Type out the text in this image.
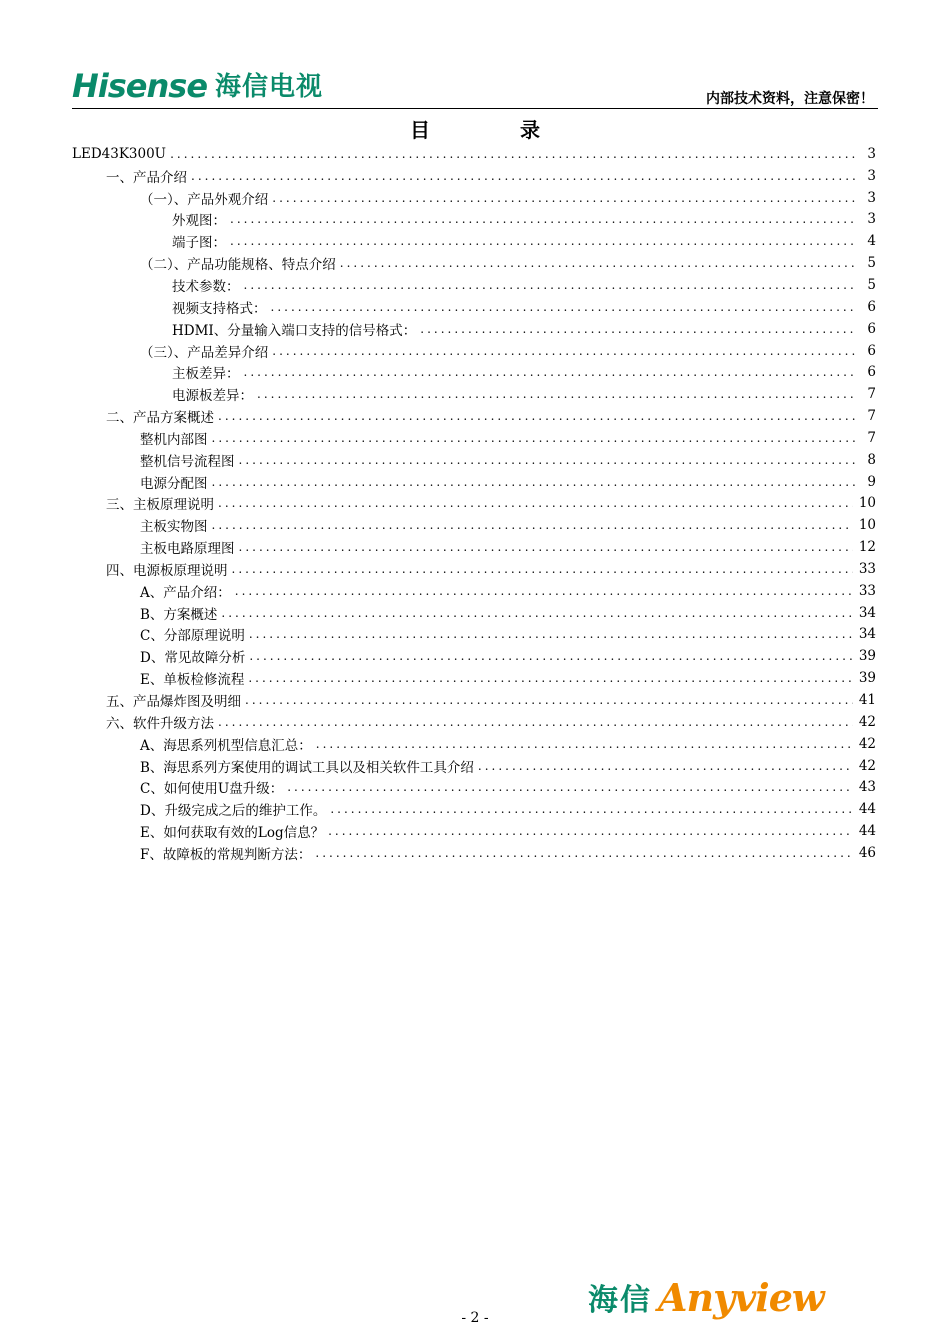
Hisense 海信电视	内部技术资料，注意保密！
目录
LED43K300U .....	3
一、产品介绍 .....	3
（一）、产品外观介绍 .....	3
外观图： .....	3
端子图： .....	4
（二）、产品功能规格、特点介绍 .....	5
技术参数： .....	5
视频支持格式： .....	6
HDMI、分量输入端口支持的信号格式： .....	6
（三）、产品差异介绍 .....	6
主板差异： .....	6
电源板差异： .....	7
二、产品方案概述 .....	7
整机内部图 .....	7
整机信号流程图 .....	8
电源分配图 .....	9
三、主板原理说明 .....	10
主板实物图 .....	10
主板电路原理图 .....	12
四、电源板原理说明 .....	33
A、产品介绍： .....	33
B、方案概述 .....	34
C、分部原理说明 .....	34
D、常见故障分析 .....	39
E、单板检修流程 .....	39
五、产品爆炸图及明细 .....	41
六、软件升级方法 .....	42
A、海思系列机型信息汇总： .....	42
B、海思系列方案使用的调试工具以及相关软件工具介绍 .....	42
C、如何使用U盘升级： .....	43
D、升级完成之后的维护工作。 .....	44
E、如何获取有效的Log信息？ .....	44
F、故障板的常规判断方法： .....	46
- 2 -	海信 Anyview
